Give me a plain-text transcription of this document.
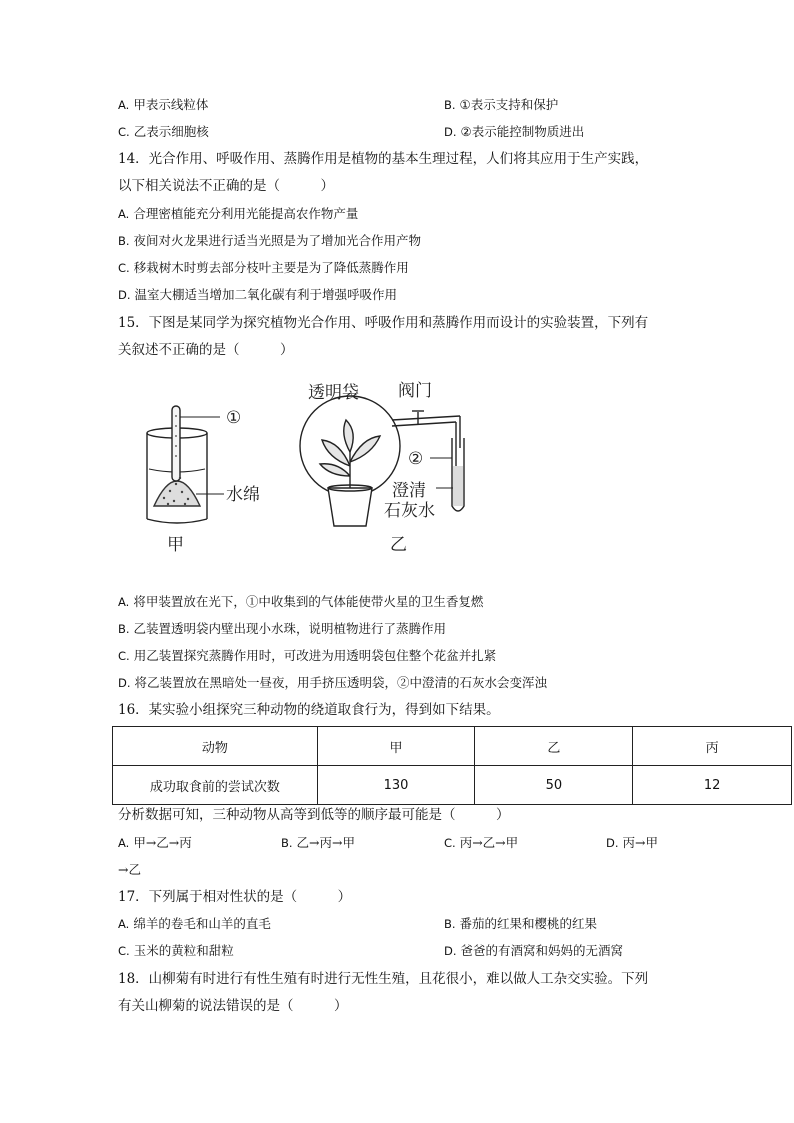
A. 甲表示线粒体	B. ①表示支持和保护
C. 乙表示细胞核	D. ②表示能控制物质进出
14．光合作用、呼吸作用、蒸腾作用是植物的基本生理过程，人们将其应用于生产实践，
以下相关说法不正确的是（　　　）
A. 合理密植能充分利用光能提高农作物产量
B. 夜间对火龙果进行适当光照是为了增加光合作用产物
C. 移栽树木时剪去部分枝叶主要是为了降低蒸腾作用
D. 温室大棚适当增加二氧化碳有利于增强呼吸作用
15．下图是某同学为探究植物光合作用、呼吸作用和蒸腾作用而设计的实验装置，下列有
关叙述不正确的是（　　　）
①
水绵
甲
透明袋 阀门
②
澄清
石灰水
乙
A. 将甲装置放在光下，①中收集到的气体能使带火星的卫生香复燃
B. 乙装置透明袋内壁出现小水珠，说明植物进行了蒸腾作用
C. 用乙装置探究蒸腾作用时，可改进为用透明袋包住整个花盆并扎紧
D. 将乙装置放在黑暗处一昼夜，用手挤压透明袋，②中澄清的石灰水会变浑浊
16．某实验小组探究三种动物的绕道取食行为，得到如下结果。
动物	甲	乙	丙
成功取食前的尝试次数	130	50	12
分析数据可知，三种动物从高等到低等的顺序最可能是（　　　）
A. 甲→乙→丙	B. 乙→丙→甲	C. 丙→乙→甲	D. 丙→甲
→乙
17．下列属于相对性状的是（　　　）
A. 绵羊的卷毛和山羊的直毛	B. 番茄的红果和樱桃的红果
C. 玉米的黄粒和甜粒	D. 爸爸的有酒窝和妈妈的无酒窝
18．山柳菊有时进行有性生殖有时进行无性生殖，且花很小，难以做人工杂交实验。下列
有关山柳菊的说法错误的是（　　　）
